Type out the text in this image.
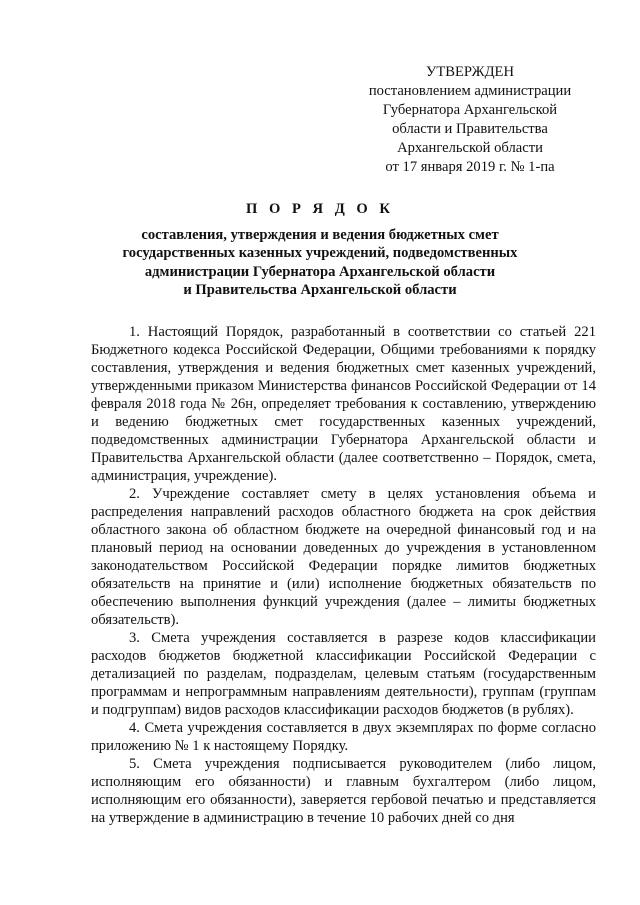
УТВЕРЖДЕН
постановлением администрации
Губернатора Архангельской
области и Правительства
Архангельской области
от 17 января 2019 г. № 1-па
П О Р Я Д О К
составления, утверждения и ведения бюджетных смет
государственных казенных учреждений, подведомственных
администрации Губернатора Архангельской области
и Правительства Архангельской области

1. Настоящий Порядок, разработанный в соответствии со статьей 221 Бюджетного кодекса Российской Федерации, Общими требованиями к порядку составления, утверждения и ведения бюджетных смет казенных учреждений, утвержденными приказом Министерства финансов Российской Федерации от 14 февраля 2018 года № 26н, определяет требования к составлению, утверждению и ведению бюджетных смет государственных казенных учреждений, подведомственных администрации Губернатора Архангельской области и Правительства Архангельской области (далее соответственно – Порядок, смета, администрация, учреждение).

2. Учреждение составляет смету в целях установления объема и распределения направлений расходов областного бюджета на срок действия областного закона об областном бюджете на очередной финансовый год и на плановый период на основании доведенных до учреждения в установленном законодательством Российской Федерации порядке лимитов бюджетных обязательств на принятие и (или) исполнение бюджетных обязательств по обеспечению выполнения функций учреждения (далее – лимиты бюджетных обязательств).

3. Смета учреждения составляется в разрезе кодов классификации расходов бюджетов бюджетной классификации Российской Федерации с детализацией по разделам, подразделам, целевым статьям (государственным программам и непрограммным направлениям деятельности), группам (группам и подгруппам) видов расходов классификации расходов бюджетов (в рублях).

4. Смета учреждения составляется в двух экземплярах по форме согласно приложению № 1 к настоящему Порядку.

5. Смета учреждения подписывается руководителем (либо лицом, исполняющим его обязанности) и главным бухгалтером (либо лицом, исполняющим его обязанности), заверяется гербовой печатью и представляется на утверждение в администрацию в течение 10 рабочих дней со дня
